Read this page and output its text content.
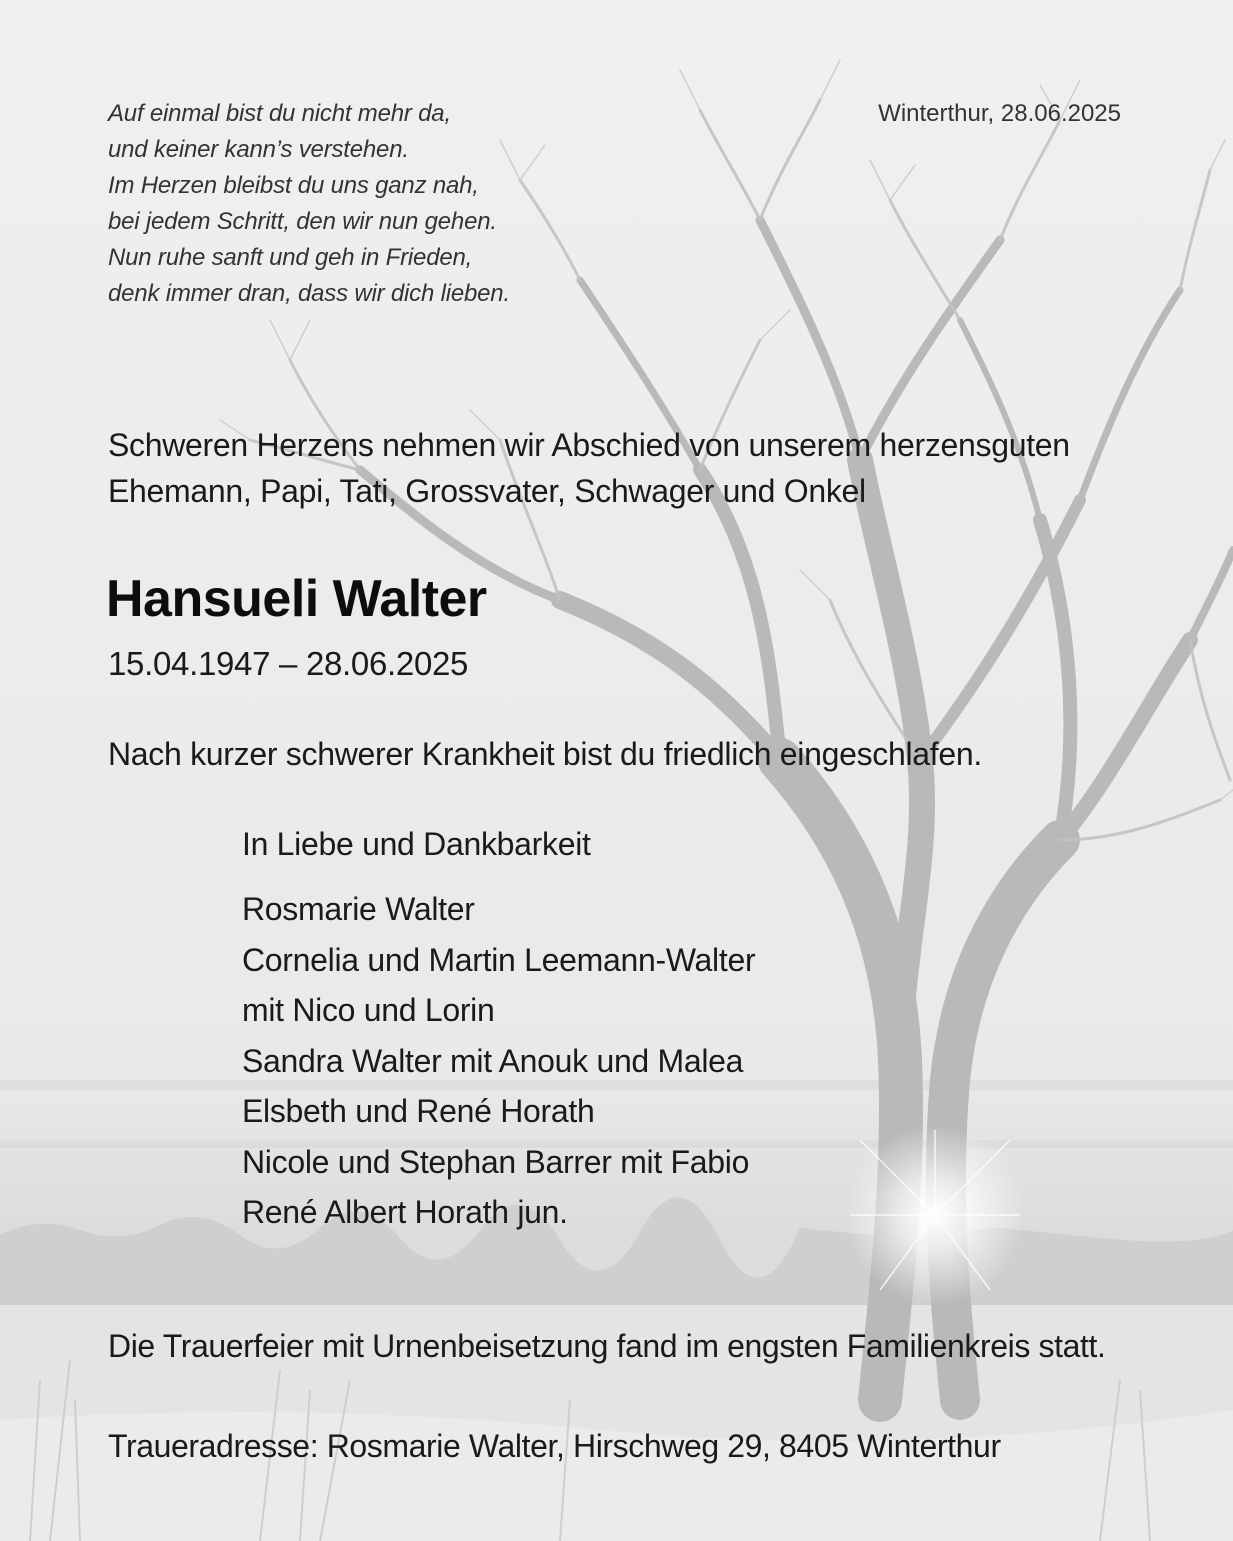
Auf einmal bist du nicht mehr da,
und keiner kann’s verstehen.
Im Herzen bleibst du uns ganz nah,
bei jedem Schritt, den wir nun gehen.
Nun ruhe sanft und geh in Frieden,
denk immer dran, dass wir dich lieben.
Winterthur, 28.06.2025
Schweren Herzens nehmen wir Abschied von unserem herzensguten
Ehemann, Papi, Tati, Grossvater, Schwager und Onkel
Hansueli Walter
15.04.1947 – 28.06.2025
Nach kurzer schwerer Krankheit bist du friedlich eingeschlafen.
In Liebe und Dankbarkeit
Rosmarie Walter
Cornelia und Martin Leemann-Walter
mit Nico und Lorin
Sandra Walter mit Anouk und Malea
Elsbeth und René Horath
Nicole und Stephan Barrer mit Fabio
René Albert Horath jun.
Die Trauerfeier mit Urnenbeisetzung fand im engsten Familienkreis statt.
Traueradresse: Rosmarie Walter, Hirschweg 29, 8405 Winterthur
